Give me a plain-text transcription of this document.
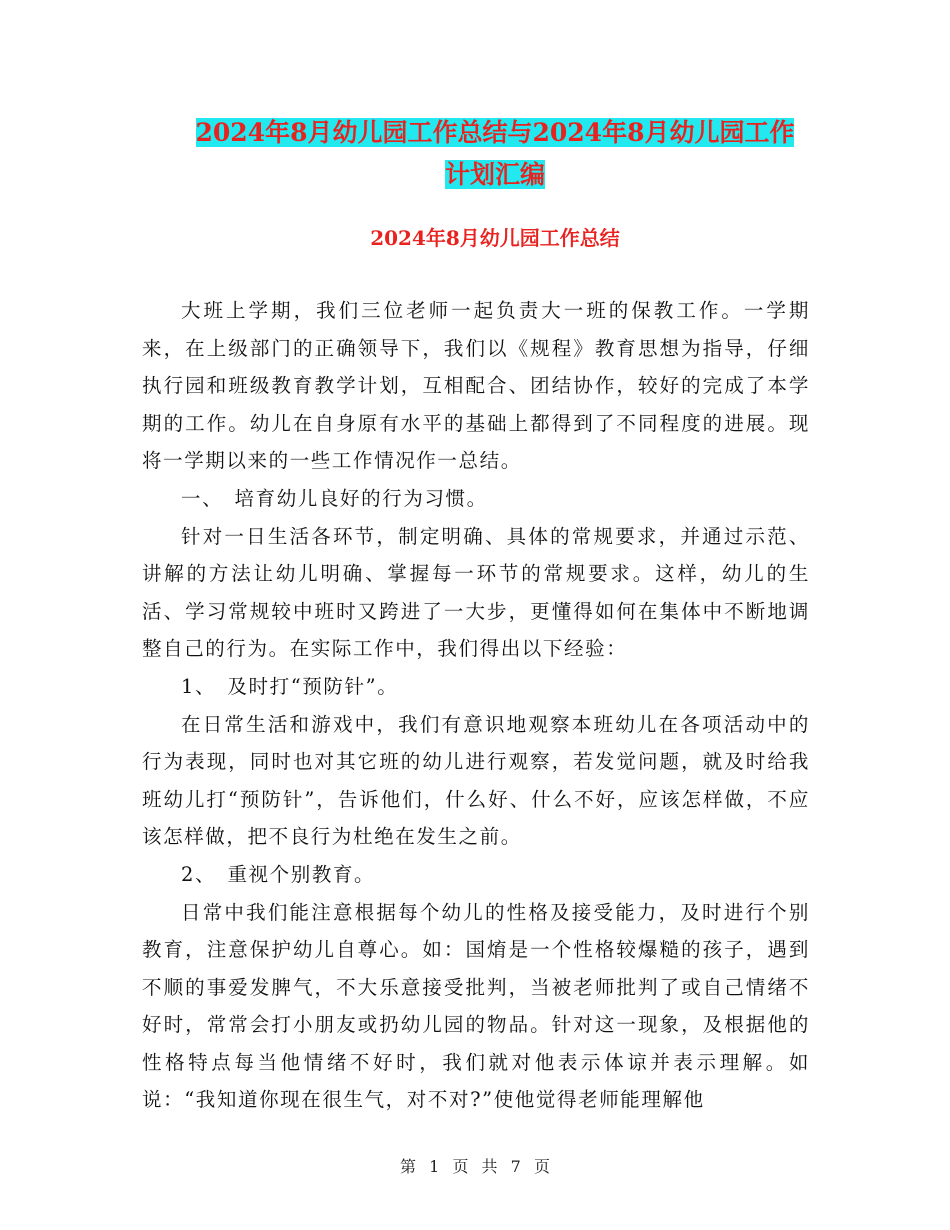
2024年8月幼儿园工作总结与2024年8月幼儿园工作
计划汇编
2024年8月幼儿园工作总结

大班上学期，我们三位老师一起负责大一班的保教工作。一学期来，在上级部门的正确领导下，我们以《规程》教育思想为指导，仔细执行园和班级教育教学计划，互相配合、团结协作，较好的完成了本学期的工作。幼儿在自身原有水平的基础上都得到了不同程度的进展。现将一学期以来的一些工作情况作一总结。

一、　培育幼儿良好的行为习惯。

针对一日生活各环节，制定明确、具体的常规要求，并通过示范、讲解的方法让幼儿明确、掌握每一环节的常规要求。这样，幼儿的生活、学习常规较中班时又跨进了一大步，更懂得如何在集体中不断地调整自己的行为。在实际工作中，我们得出以下经验：

1、　及时打“预防针”。

在日常生活和游戏中，我们有意识地观察本班幼儿在各项活动中的行为表现，同时也对其它班的幼儿进行观察，若发觉问题，就及时给我班幼儿打“预防针”，告诉他们，什么好、什么不好，应该怎样做，不应该怎样做，把不良行为杜绝在发生之前。

2、　重视个别教育。

日常中我们能注意根据每个幼儿的性格及接受能力，及时进行个别教育，注意保护幼儿自尊心。如：国焴是一个性格较爆糙的孩子，遇到不顺的事爱发脾气，不大乐意接受批判，当被老师批判了或自己情绪不好时，常常会打小朋友或扔幼儿园的物品。针对这一现象，及根据他的性格特点每当他情绪不好时，我们就对他表示体谅并表示理解。如说：“我知道你现在很生气，对不对?”使他觉得老师能理解他

第 1 页 共 7 页
